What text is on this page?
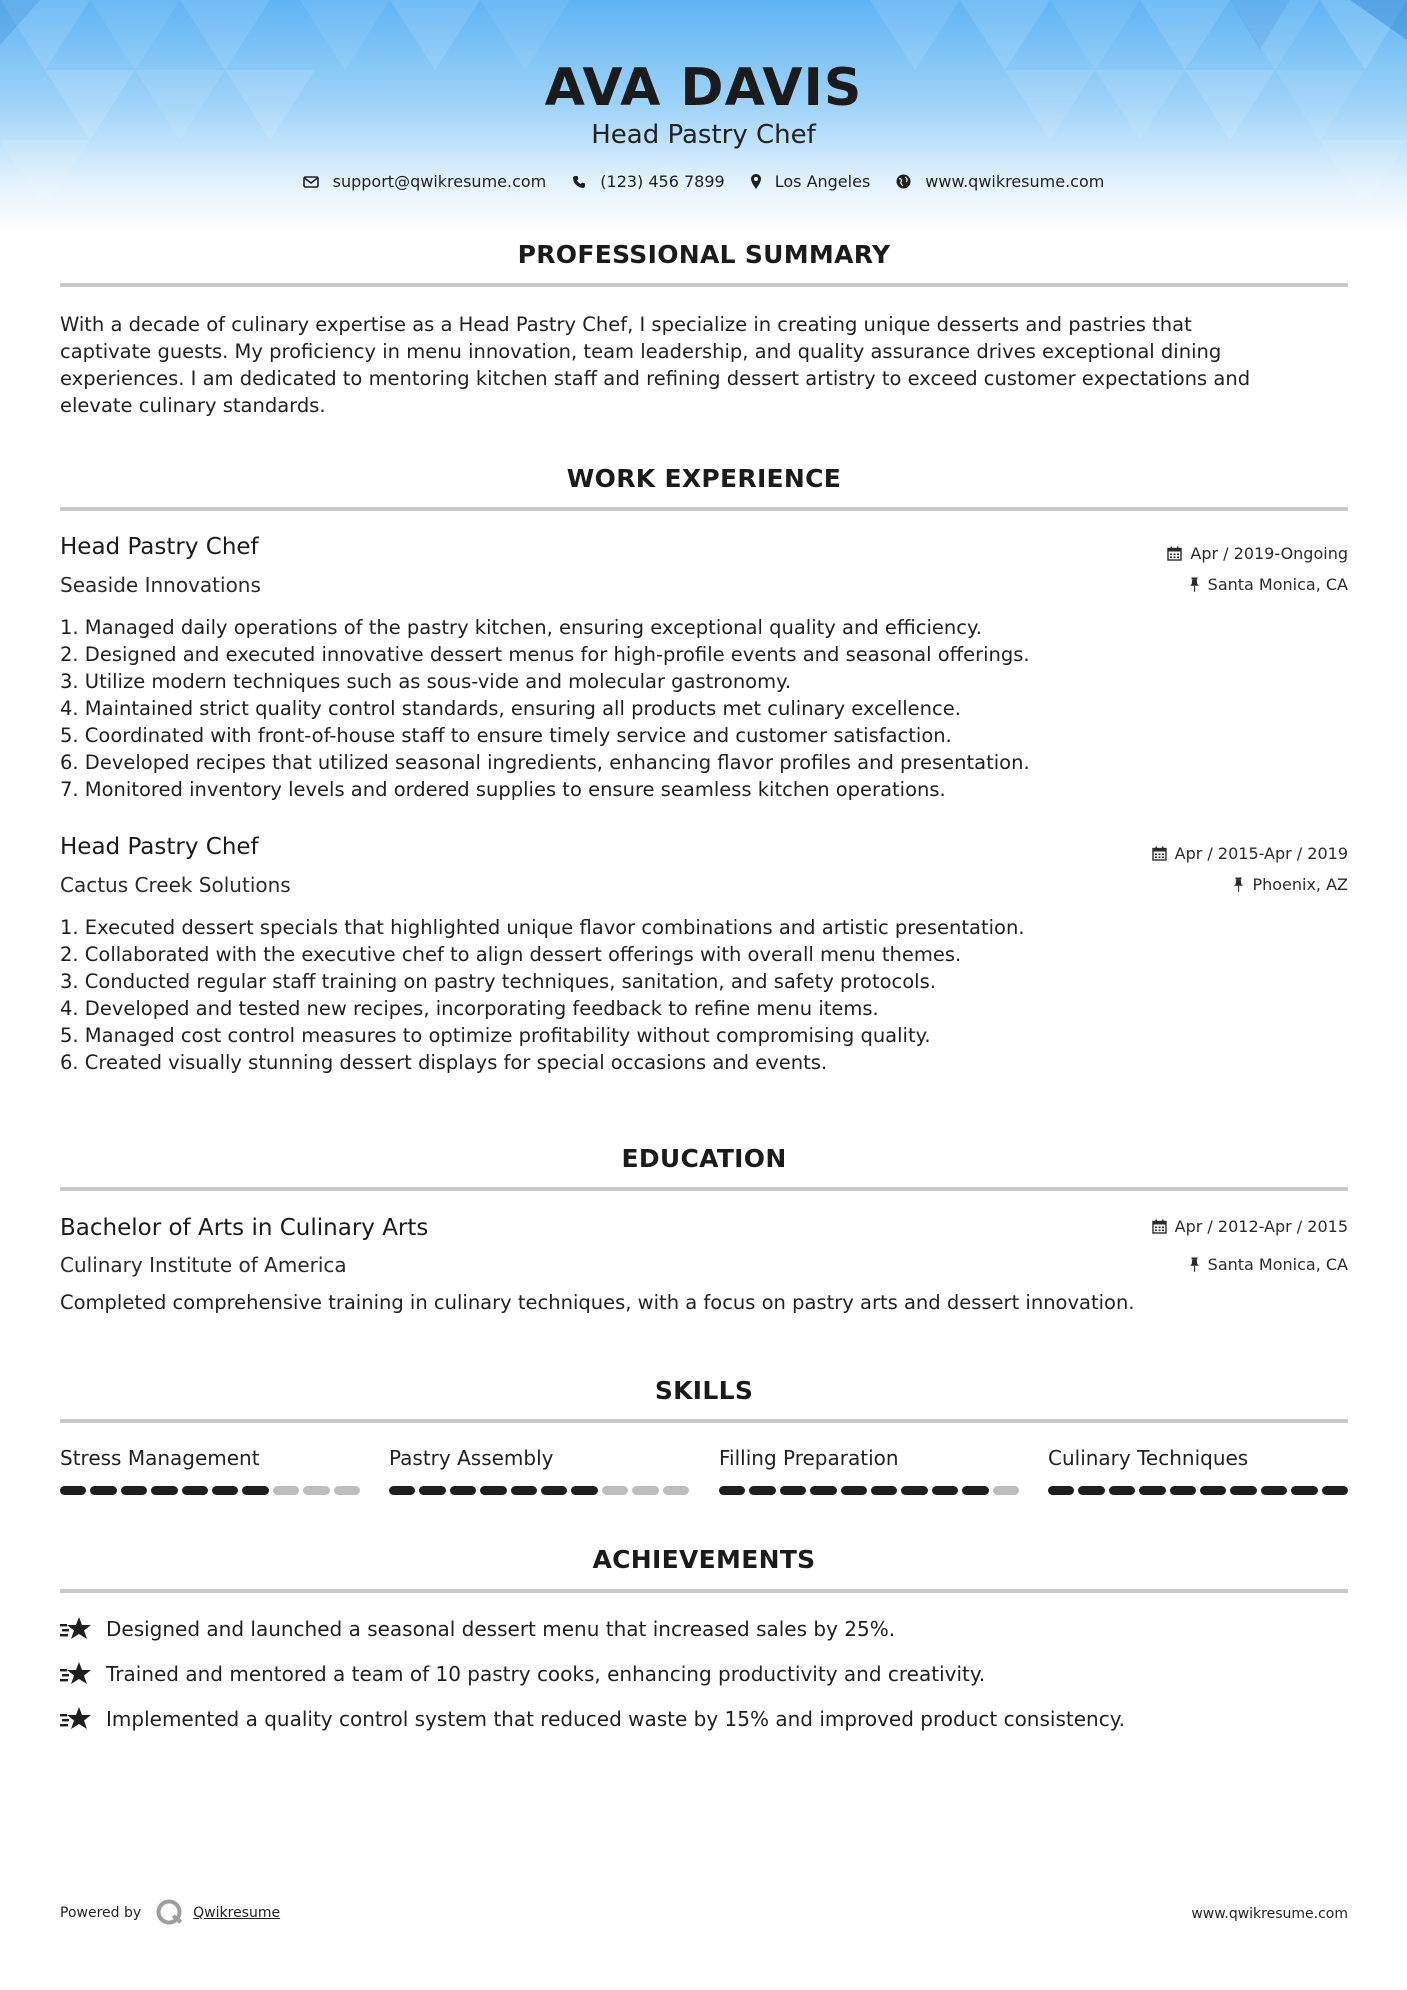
AVA DAVIS
Head Pastry Chef
support@qwikresume.com	(123) 456 7899	Los Angeles	www.qwikresume.com
PROFESSIONAL SUMMARY
With a decade of culinary expertise as a Head Pastry Chef, I specialize in creating unique desserts and pastries that
captivate guests. My proficiency in menu innovation, team leadership, and quality assurance drives exceptional dining
experiences. I am dedicated to mentoring kitchen staff and refining dessert artistry to exceed customer expectations and
elevate culinary standards.
WORK EXPERIENCE
Head Pastry Chef
Seaside Innovations
Apr / 2019-Ongoing
Santa Monica, CA
1. Managed daily operations of the pastry kitchen, ensuring exceptional quality and efficiency.
2. Designed and executed innovative dessert menus for high-profile events and seasonal offerings.
3. Utilize modern techniques such as sous-vide and molecular gastronomy.
4. Maintained strict quality control standards, ensuring all products met culinary excellence.
5. Coordinated with front-of-house staff to ensure timely service and customer satisfaction.
6. Developed recipes that utilized seasonal ingredients, enhancing flavor profiles and presentation.
7. Monitored inventory levels and ordered supplies to ensure seamless kitchen operations.
Head Pastry Chef
Cactus Creek Solutions
Apr / 2015-Apr / 2019
Phoenix, AZ
1. Executed dessert specials that highlighted unique flavor combinations and artistic presentation.
2. Collaborated with the executive chef to align dessert offerings with overall menu themes.
3. Conducted regular staff training on pastry techniques, sanitation, and safety protocols.
4. Developed and tested new recipes, incorporating feedback to refine menu items.
5. Managed cost control measures to optimize profitability without compromising quality.
6. Created visually stunning dessert displays for special occasions and events.
EDUCATION
Bachelor of Arts in Culinary Arts
Culinary Institute of America
Apr / 2012-Apr / 2015
Santa Monica, CA
Completed comprehensive training in culinary techniques, with a focus on pastry arts and dessert innovation.
SKILLS
Stress Management	Pastry Assembly	Filling Preparation	Culinary Techniques
ACHIEVEMENTS
Designed and launched a seasonal dessert menu that increased sales by 25%.
Trained and mentored a team of 10 pastry cooks, enhancing productivity and creativity.
Implemented a quality control system that reduced waste by 15% and improved product consistency.
Powered by	Qwikresume	www.qwikresume.com
